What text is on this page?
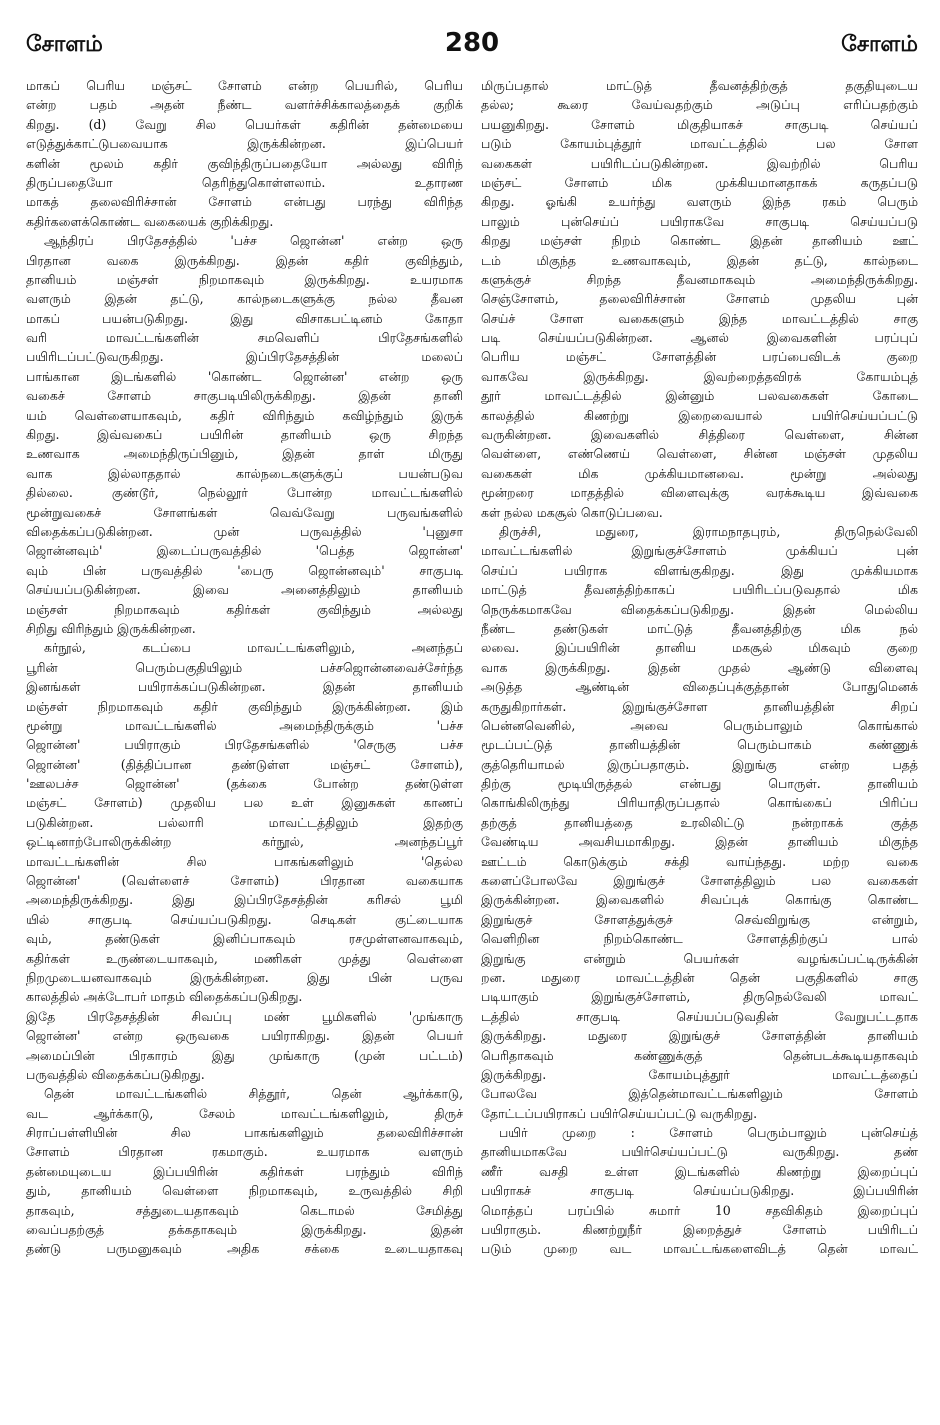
சோளம்	280	சோளம்
மாகப் பெரிய மஞ்சட் சோளம் என்ற பெயரில், பெரிய
என்ற பதம் அதன் நீண்ட வளர்ச்சிக்காலத்தைக் குறிக்
கிறது. (d) வேறு சில பெயர்கள் கதிரின் தன்மையை
எடுத்துக்காட்டுபவையாக இருக்கின்றன. இப்பெயர்
களின் மூலம் கதிர் குவிந்திருப்பதையோ அல்லது விரிந்
திருப்பதையோ தெரிந்துகொள்ளலாம். உதாரண
மாகத் தலைவிரிச்சான் சோளம் என்பது பரந்து விரிந்த
கதிர்களைக்கொண்ட வகையைக் குறிக்கிறது.
ஆந்திரப் பிரதேசத்தில் 'பச்ச ஜொன்ன' என்ற ஒரு
பிரதான வகை இருக்கிறது. இதன் கதிர் குவிந்தும்,
தானியம் மஞ்சள் நிறமாகவும் இருக்கிறது. உயரமாக
வளரும் இதன் தட்டு, கால்நடைகளுக்கு நல்ல தீவன
மாகப் பயன்படுகிறது. இது விசாகபட்டினம் கோதா
வரி மாவட்டங்களின் சமவெளிப் பிரதேசங்களில்
பயிரிடப்பட்டுவருகிறது. இப்பிரதேசத்தின் மலைப்
பாங்கான இடங்களில் 'கொண்ட ஜொன்ன' என்ற ஒரு
வகைச் சோளம் சாகுபடியிலிருக்கிறது. இதன் தானி
யம் வெள்ளையாகவும், கதிர் விரிந்தும் கவிழ்ந்தும் இருக்
கிறது. இவ்வகைப் பயிரின் தானியம் ஒரு சிறந்த
உணவாக அமைந்திருப்பினும், இதன் தாள் மிருது
வாக இல்லாததால் கால்நடைகளுக்குப் பயன்படுவ
தில்லை. குண்டூர், நெல்லூர் போன்ற மாவட்டங்களில்
மூன்றுவகைச் சோளங்கள் வெவ்வேறு பருவங்களில்
விதைக்கப்படுகின்றன. முன் பருவத்தில் 'புனுசா
ஜொன்னவும்' இடைப்பருவத்தில் 'பெத்த ஜொன்ன'
வும் பின் பருவத்தில் 'பைரு ஜொன்னவும்' சாகுபடி
செய்யப்படுகின்றன. இவை அனைத்திலும் தானியம்
மஞ்சள் நிறமாகவும் கதிர்கள் குவிந்தும் அல்லது
சிறிது விரிந்தும் இருக்கின்றன.
கர்நூல், கடப்பை மாவட்டங்களிலும், அனந்தப்
பூரின் பெரும்பகுதியிலும் பச்சஜொன்னவைச்சேர்ந்த
இனங்கள் பயிராக்கப்படுகின்றன. இதன் தானியம்
மஞ்சள் நிறமாகவும் கதிர் குவிந்தும் இருக்கின்றன. இம்
மூன்று மாவட்டங்களில் அமைந்திருக்கும் 'பச்ச
ஜொன்ன' பயிராகும் பிரதேசங்களில் 'செருகு பச்ச
ஜொன்ன' (தித்திப்பான தண்டுள்ள மஞ்சட் சோளம்),
'ஊலபச்ச ஜொன்ன' (தக்கை போன்ற தண்டுள்ள
மஞ்சட் சோளம்) முதலிய பல உள் இனுசுகள் காணப்
படுகின்றன. பல்லாரி மாவட்டத்திலும் இதற்கு
ஒட்டினாற்போலிருக்கின்ற கர்நூல், அனந்தப்பூர்
மாவட்டங்களின் சில பாகங்களிலும் 'தெல்ல
ஜொன்ன' (வெள்ளைச் சோளம்) பிரதான வகையாக
அமைந்திருக்கிறது. இது இப்பிரதேசத்தின் கரிசல் பூமி
யில் சாகுபடி செய்யப்படுகிறது. செடிகள் குட்டையாக
வும், தண்டுகள் இனிப்பாகவும் ரசமுள்ளனவாகவும்,
கதிர்கள் உருண்டையாகவும், மணிகள் முத்து வெள்ளை
நிறமுடையனவாகவும் இருக்கின்றன. இது பின் பருவ
காலத்தில் அக்டோபர் மாதம் விதைக்கப்படுகிறது.
இதே பிரதேசத்தின் சிவப்பு மண் பூமிகளில் 'முங்காரு
ஜொன்ன' என்ற ஒருவகை பயிராகிறது. இதன் பெயர்
அமைப்பின் பிரகாரம் இது முங்காரு (முன் பட்டம்)
பருவத்தில் விதைக்கப்படுகிறது.
தென் மாவட்டங்களில் சித்தூர், தென் ஆர்க்காடு,
வட ஆர்க்காடு, சேலம் மாவட்டங்களிலும், திருச்
சிராப்பள்ளியின் சில பாகங்களிலும் தலைவிரிச்சான்
சோளம் பிரதான ரகமாகும். உயரமாக வளரும்
தன்மையுடைய இப்பயிரின் கதிர்கள் பரந்தும் விரிந்
தும், தானியம் வெள்ளை நிறமாகவும், உருவத்தில் சிறி
தாகவும், சத்துடையதாகவும் கெடாமல் சேமித்து
வைப்பதற்குத் தக்கதாகவும் இருக்கிறது. இதன்
தண்டு பருமனுகவும் அதிக சக்கை உடையதாகவு
மிருப்பதால் மாட்டுத் தீவனத்திற்குத் தகுதியுடைய
தல்ல; கூரை வேய்வதற்கும் அடுப்பு எரிப்பதற்கும்
பயனுகிறது. சோளம் மிகுதியாகச் சாகுபடி செய்யப்
படும் கோயம்புத்தூர் மாவட்டத்தில் பல சோள
வகைகள் பயிரிடப்படுகின்றன. இவற்றில் பெரிய
மஞ்சட் சோளம் மிக முக்கியமானதாகக் கருதப்படு
கிறது. ஓங்கி உயர்ந்து வளரும் இந்த ரகம் பெரும்
பாலும் புன்செய்ப் பயிராகவே சாகுபடி செய்யப்படு
கிறது மஞ்சள் நிறம் கொண்ட இதன் தானியம் ஊட்
டம் மிகுந்த உணவாகவும், இதன் தட்டு, கால்நடை
களுக்குச் சிறந்த தீவனமாகவும் அமைந்திருக்கிறது.
செஞ்சோளம், தலைவிரிச்சான் சோளம் முதலிய புன்
செய்ச் சோள வகைகளும் இந்த மாவட்டத்தில் சாகு
படி செய்யப்படுகின்றன. ஆனல் இவைகளின் பரப்புப்
பெரிய மஞ்சட் சோளத்தின் பரப்பைவிடக் குறை
வாகவே இருக்கிறது. இவற்றைத்தவிரக் கோயம்புத்
தூர் மாவட்டத்தில் இன்னும் பலவகைகள் கோடை
காலத்தில் கிணற்று இறைவையால் பயிர்செய்யப்பட்டு
வருகின்றன. இவைகளில் சித்திரை வெள்ளை, சின்ன
வெள்ளை, எண்ணெய் வெள்ளை, சின்ன மஞ்சள் முதலிய
வகைகள் மிக முக்கியமானவை. மூன்று அல்லது
மூன்றரை மாதத்தில் விளைவுக்கு வரக்கூடிய இவ்வகை
கள் நல்ல மகசூல் கொடுப்பவை.
திருச்சி, மதுரை, இராமநாதபுரம், திருநெல்வேலி
மாவட்டங்களில் இறுங்குச்சோளம் முக்கியப் புன்
செய்ப் பயிராக விளங்குகிறது. இது முக்கியமாக
மாட்டுத் தீவனத்திற்காகப் பயிரிடப்படுவதால் மிக
நெருக்கமாகவே விதைக்கப்படுகிறது. இதன் மெல்லிய
நீண்ட தண்டுகள் மாட்டுத் தீவனத்திற்கு மிக நல்
லவை. இப்பயிரின் தானிய மகசூல் மிகவும் குறை
வாக இருக்கிறது. இதன் முதல் ஆண்டு விளைவு
அடுத்த ஆண்டின் விதைப்புக்குத்தான் போதுமெனக்
கருதுகிறார்கள். இறுங்குச்சோள தானியத்தின் சிறப்
பென்னவெனில், அவை பெரும்பாலும் கொங்கால்
மூடப்பட்டுத் தானியத்தின் பெரும்பாகம் கண்ணுக்
குத்தெரியாமல் இருப்பதாகும். இறுங்கு என்ற பதத்
திற்கு மூடியிருத்தல் என்பது பொருள். தானியம்
கொங்கிலிருந்து பிரியாதிருப்பதால் கொங்கைப் பிரிப்ப
தற்குத் தானியத்தை உரலிலிட்டு நன்றாகக் குத்த
வேண்டிய அவசியமாகிறது. இதன் தானியம் மிகுந்த
ஊட்டம் கொடுக்கும் சக்தி வாய்ந்தது. மற்ற வகை
களைப்போலவே இறுங்குச் சோளத்திலும் பல வகைகள்
இருக்கின்றன. இவைகளில் சிவப்புக் கொங்கு கொண்ட
இறுங்குச் சோளத்துக்குச் செவ்விறுங்கு என்றும்,
வெளிறின நிறம்கொண்ட சோளத்திற்குப் பால்
இறுங்கு என்றும் பெயர்கள் வழங்கப்பட்டிருக்கின்
றன. மதுரை மாவட்டத்தின் தென் பகுதிகளில் சாகு
படியாகும் இறுங்குச்சோளம், திருநெல்வேலி மாவட்
டத்தில் சாகுபடி செய்யப்படுவதின் வேறுபட்டதாக
இருக்கிறது. மதுரை இறுங்குச் சோளத்தின் தானியம்
பெரிதாகவும் கண்ணுக்குத் தென்படக்கூடியதாகவும்
இருக்கிறது. கோயம்புத்தூர் மாவட்டத்தைப்
போலவே இத்தென்மாவட்டங்களிலும் சோளம்
தோட்டப்பயிராகப் பயிர்செய்யப்பட்டு வருகிறது.
பயிர் முறை : சோளம் பெரும்பாலும் புன்செய்த்
தானியமாகவே பயிர்செய்யப்பட்டு வருகிறது. தண்
ணீர் வசதி உள்ள இடங்களில் கிணற்று இறைப்புப்
பயிராகச் சாகுபடி செய்யப்படுகிறது. இப்பயிரின்
மொத்தப் பரப்பில் சுமார் 10 சதவிகிதம் இறைப்புப்
பயிராகும். கிணற்றுநீர் இறைத்துச் சோளம் பயிரிடப்
படும் முறை வட மாவட்டங்களைவிடத் தென் மாவட்
